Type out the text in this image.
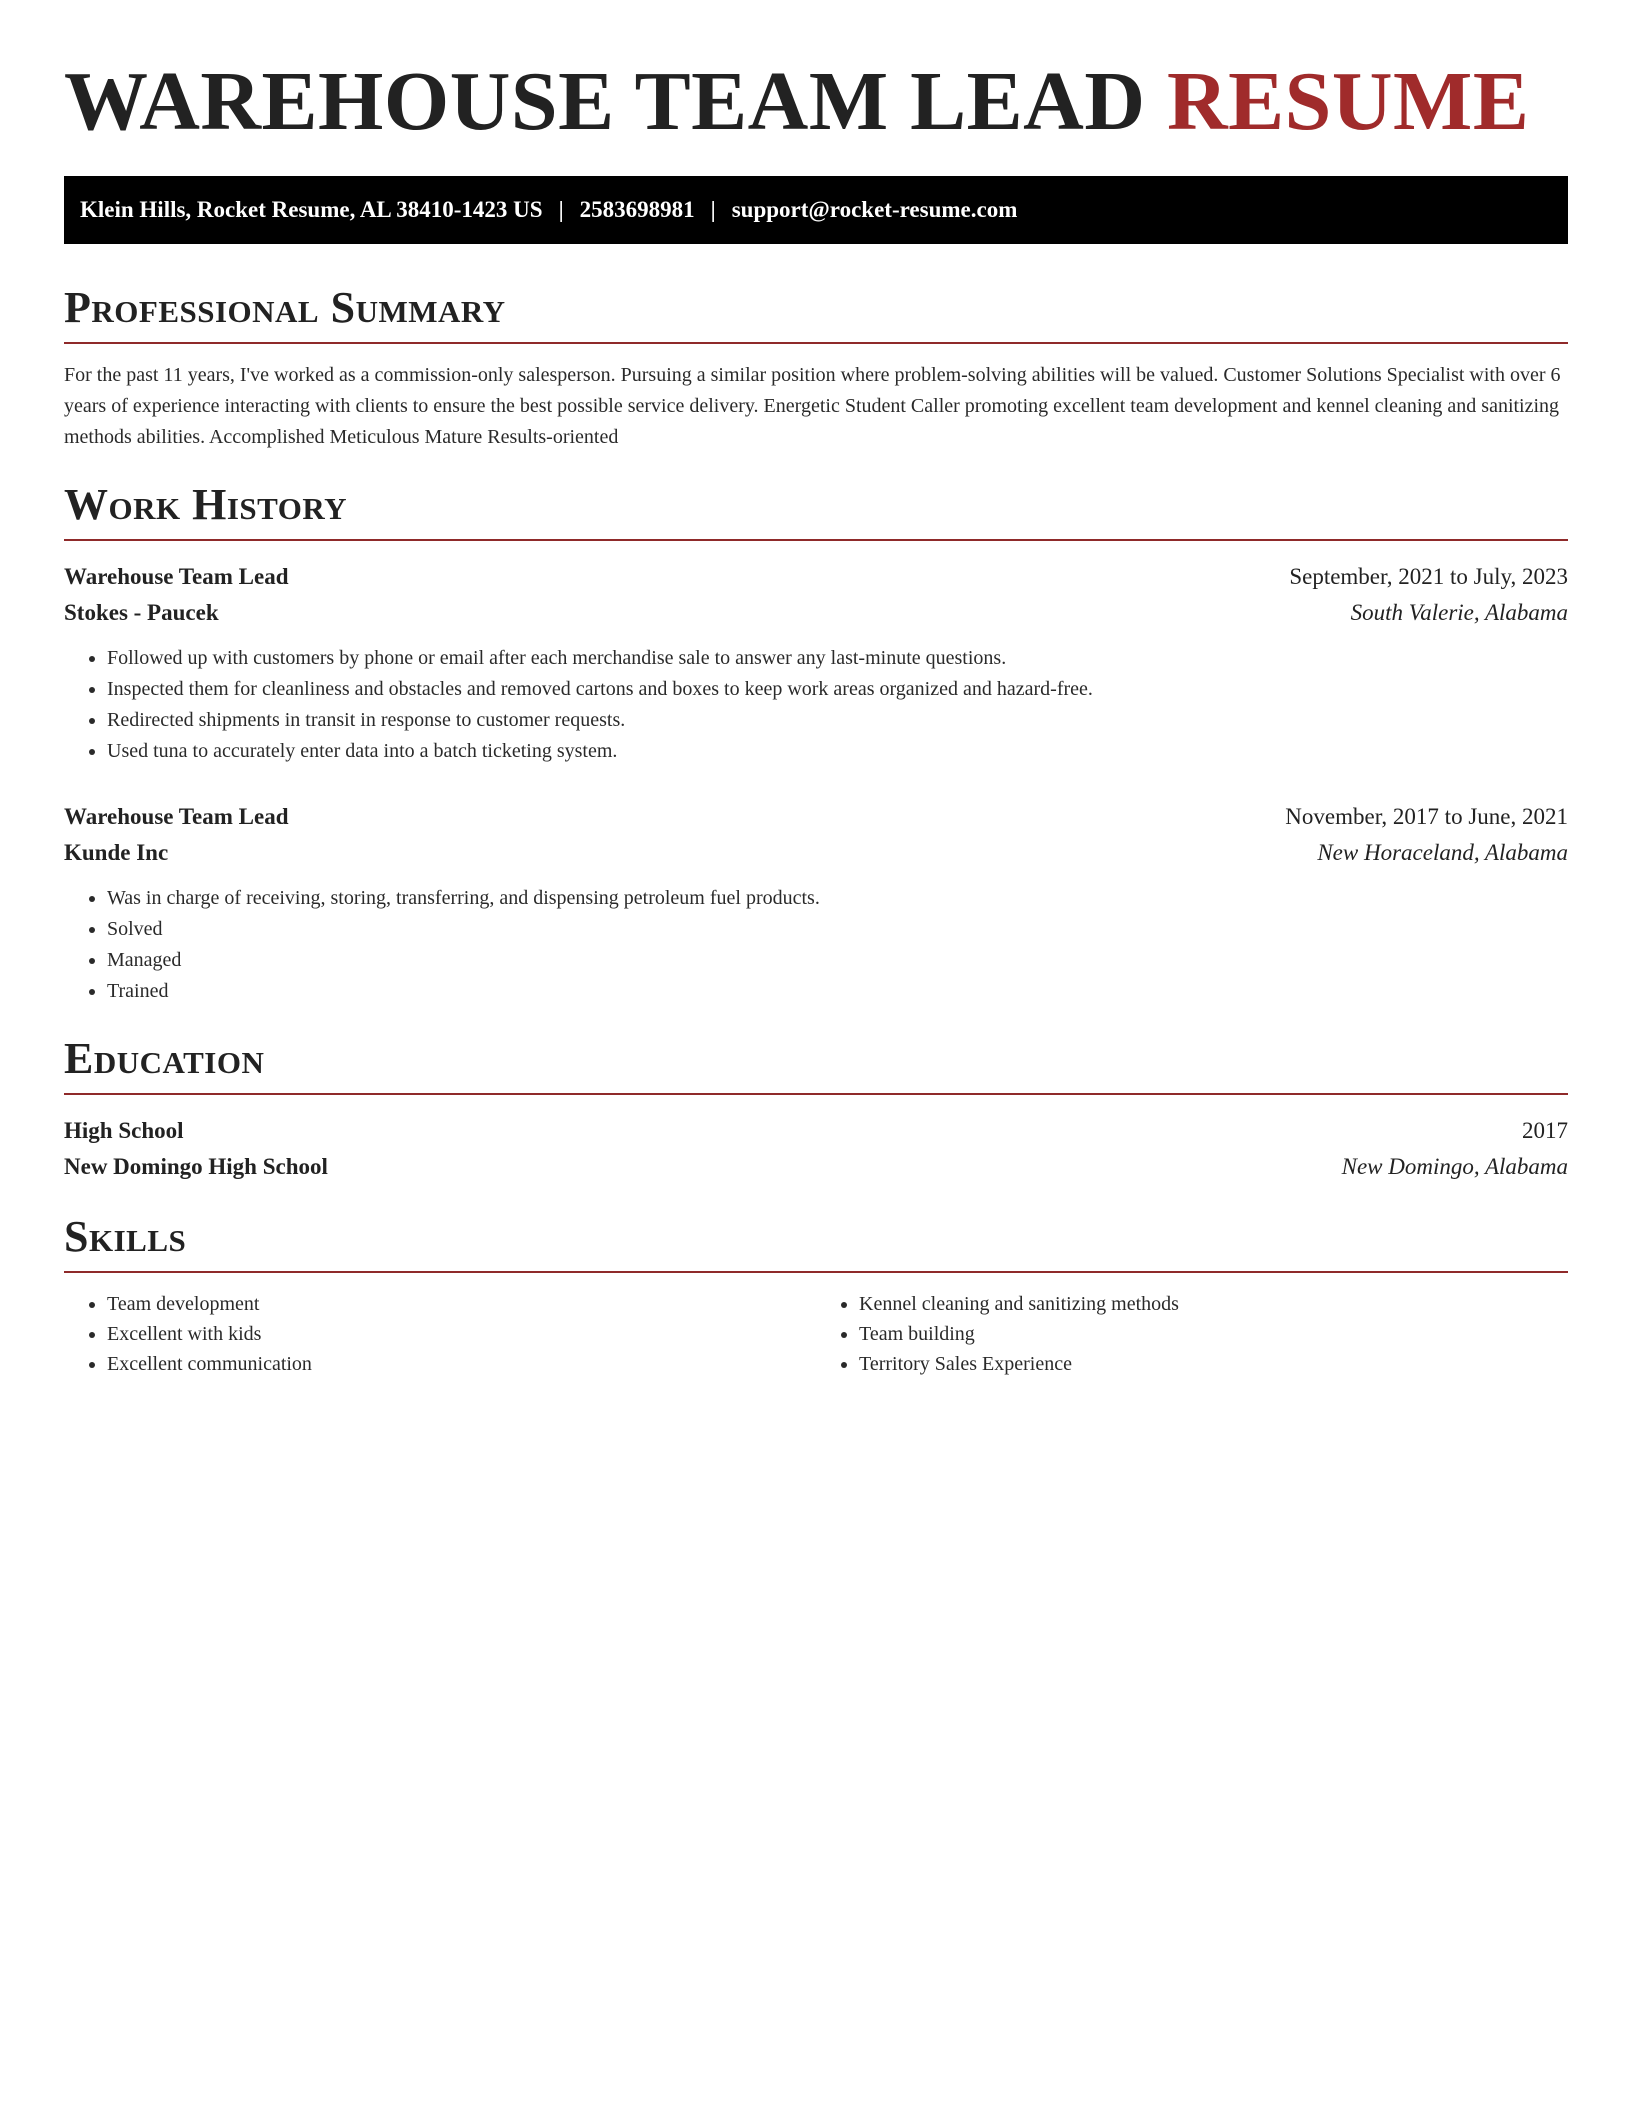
WAREHOUSE TEAM LEAD RESUME
Klein Hills, Rocket Resume, AL 38410-1423 US | 2583698981 | support@rocket-resume.com
Professional Summary

For the past 11 years, I've worked as a commission-only salesperson. Pursuing a similar position where problem-solving abilities will be valued. Customer Solutions Specialist with over 6 years of experience interacting with clients to ensure the best possible service delivery. Energetic Student Caller promoting excellent team development and kennel cleaning and sanitizing methods abilities. Accomplished Meticulous Mature Results-oriented

Work History
Warehouse Team Lead	September, 2021 to July, 2023
Stokes - Paucek	South Valerie, Alabama
• Followed up with customers by phone or email after each merchandise sale to answer any last-minute questions.
• Inspected them for cleanliness and obstacles and removed cartons and boxes to keep work areas organized and hazard-free.
• Redirected shipments in transit in response to customer requests.
• Used tuna to accurately enter data into a batch ticketing system.
Warehouse Team Lead	November, 2017 to June, 2021
Kunde Inc	New Horaceland, Alabama
• Was in charge of receiving, storing, transferring, and dispensing petroleum fuel products.
• Solved
• Managed
• Trained
Education
High School	2017
New Domingo High School	New Domingo, Alabama
Skills
• Team development
• Excellent with kids
• Excellent communication
• Kennel cleaning and sanitizing methods
• Team building
• Territory Sales Experience
